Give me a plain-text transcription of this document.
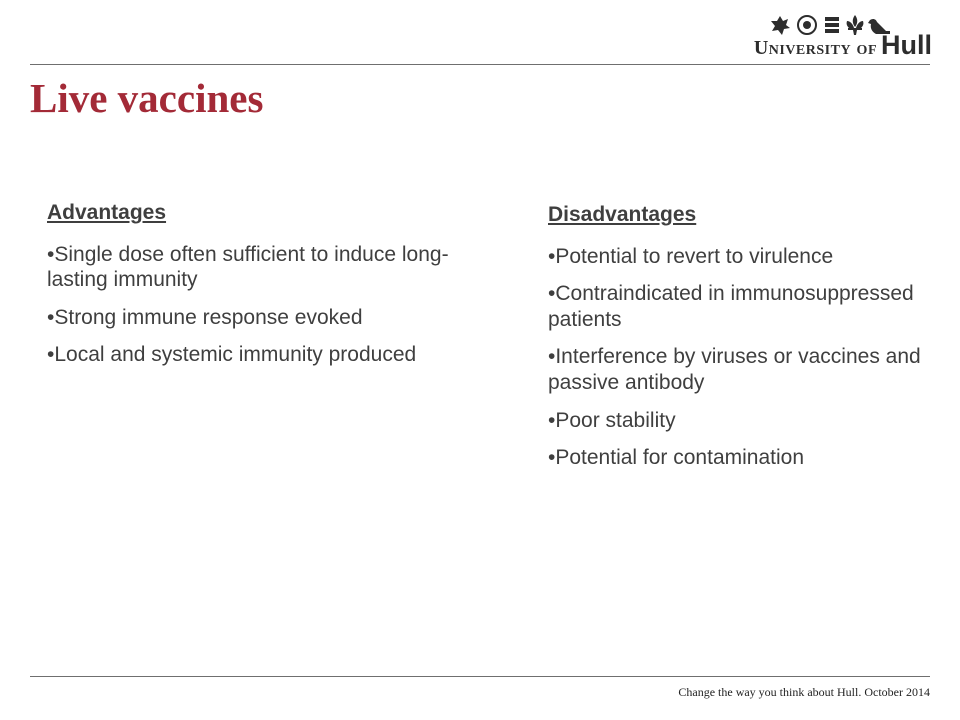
University of Hull
Live vaccines
Advantages
•Single dose often sufficient to induce long-lasting immunity
•Strong immune response evoked
•Local and systemic immunity produced
Disadvantages
•Potential to revert to virulence
•Contraindicated in immunosuppressed patients
•Interference by viruses or vaccines and passive antibody
•Poor stability
•Potential for contamination
Change the way you think about Hull. October 2014
